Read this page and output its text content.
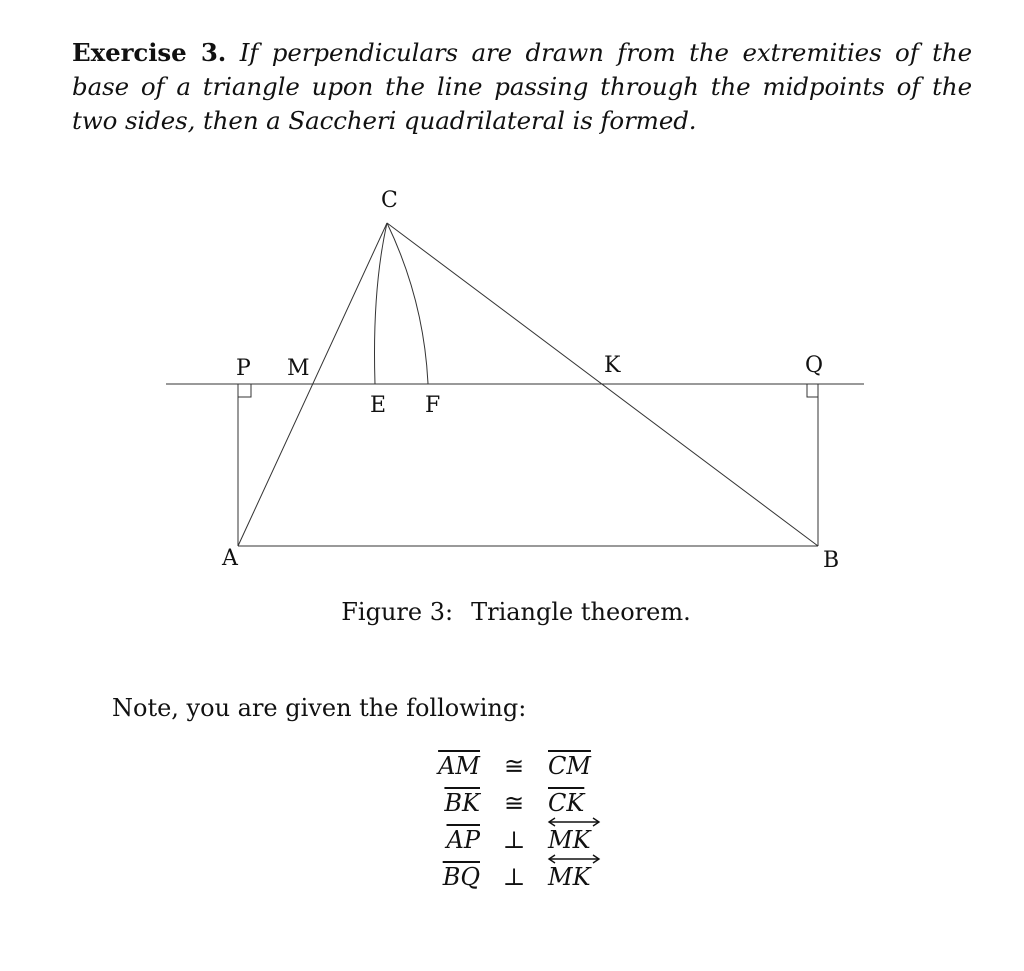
Exercise 3. If perpendiculars are drawn from the extremities of the base of a triangle upon the line passing through the midpoints of the two sides, then a Saccheri quadrilateral is formed.
C
P M	K	Q
E F
A	B
Figure 3: Triangle theorem.
Note, you are given the following:
$\overline{AM}$ ≅ $\overline{CM}$
$\overline{BK}$ ≅ $\overline{CK}$
$\overline{AP}$ ⊥ MK
$\overline{BQ}$ ⊥ MK
